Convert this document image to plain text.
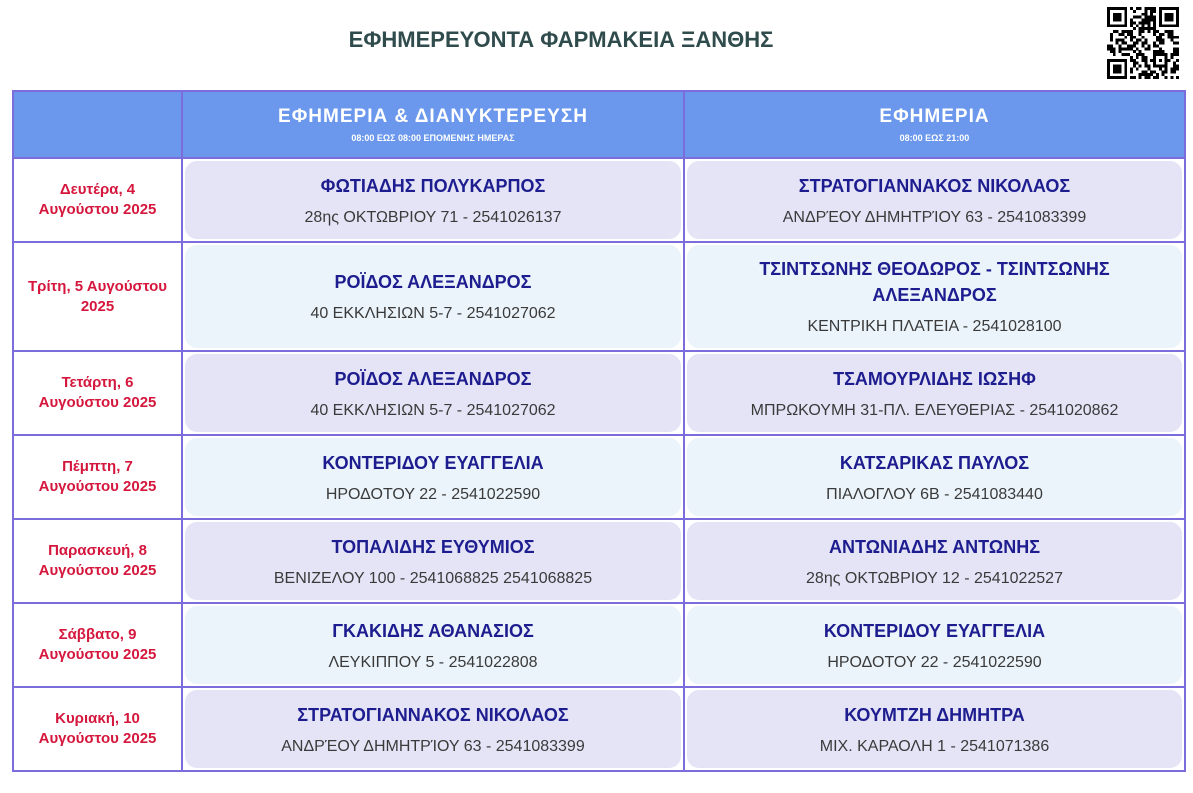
ΕΦΗΜΕΡΕΥΟΝΤΑ ΦΑΡΜΑΚΕΙΑ ΞΑΝΘΗΣ
ΕΦΗΜΕΡΙΑ & ΔΙΑΝΥΚΤΕΡΕΥΣΗ
08:00 ΕΩΣ 08:00 ΕΠΟΜΕΝΗΣ ΗΜΕΡΑΣ
ΕΦΗΜΕΡΙΑ
08:00 ΕΩΣ 21:00
Δευτέρα, 4 Αυγούστου 2025
ΦΩΤΙΑΔΗΣ ΠΟΛΥΚΑΡΠΟΣ
28ης ΟΚΤΩΒΡΙΟΥ 71 - 2541026137
ΣΤΡΑΤΟΓΙΑΝΝΑΚΟΣ ΝΙΚΟΛΑΟΣ
ΑΝΔΡΈΟΥ ΔΗΜΗΤΡΊΟΥ 63 - 2541083399
Τρίτη, 5 Αυγούστου 2025
ΡΟΪΔΟΣ ΑΛΕΞΑΝΔΡΟΣ
40 ΕΚΚΛΗΣΙΩΝ 5-7 - 2541027062
ΤΣΙΝΤΣΩΝΗΣ ΘΕΟΔΩΡΟΣ - ΤΣΙΝΤΣΩΝΗΣ ΑΛΕΞΑΝΔΡΟΣ
ΚΕΝΤΡΙΚΗ ΠΛΑΤΕΙΑ - 2541028100
Τετάρτη, 6 Αυγούστου 2025
ΡΟΪΔΟΣ ΑΛΕΞΑΝΔΡΟΣ
40 ΕΚΚΛΗΣΙΩΝ 5-7 - 2541027062
ΤΣΑΜΟΥΡΛΙΔΗΣ ΙΩΣΗΦ
ΜΠΡΩΚΟΥΜΗ 31-ΠΛ. ΕΛΕΥΘΕΡΙΑΣ - 2541020862
Πέμπτη, 7 Αυγούστου 2025
ΚΟΝΤΕΡΙΔΟΥ ΕΥΑΓΓΕΛΙΑ
ΗΡΟΔΟΤΟΥ 22 - 2541022590
ΚΑΤΣΑΡΙΚΑΣ ΠΑΥΛΟΣ
ΠΙΑΛΟΓΛΟΥ 6Β - 2541083440
Παρασκευή, 8 Αυγούστου 2025
ΤΟΠΑΛΙΔΗΣ ΕΥΘΥΜΙΟΣ
ΒΕΝΙΖΕΛΟΥ 100 - 2541068825 2541068825
ΑΝΤΩΝΙΑΔΗΣ ΑΝΤΩΝΗΣ
28ης ΟΚΤΩΒΡΙΟΥ 12 - 2541022527
Σάββατο, 9 Αυγούστου 2025
ΓΚΑΚΙΔΗΣ ΑΘΑΝΑΣΙΟΣ
ΛΕΥΚΙΠΠΟΥ 5 - 2541022808
ΚΟΝΤΕΡΙΔΟΥ ΕΥΑΓΓΕΛΙΑ
ΗΡΟΔΟΤΟΥ 22 - 2541022590
Κυριακή, 10 Αυγούστου 2025
ΣΤΡΑΤΟΓΙΑΝΝΑΚΟΣ ΝΙΚΟΛΑΟΣ
ΑΝΔΡΈΟΥ ΔΗΜΗΤΡΊΟΥ 63 - 2541083399
ΚΟΥΜΤΖΗ ΔΗΜΗΤΡΑ
ΜΙΧ. ΚΑΡΑΟΛΗ 1 - 2541071386
